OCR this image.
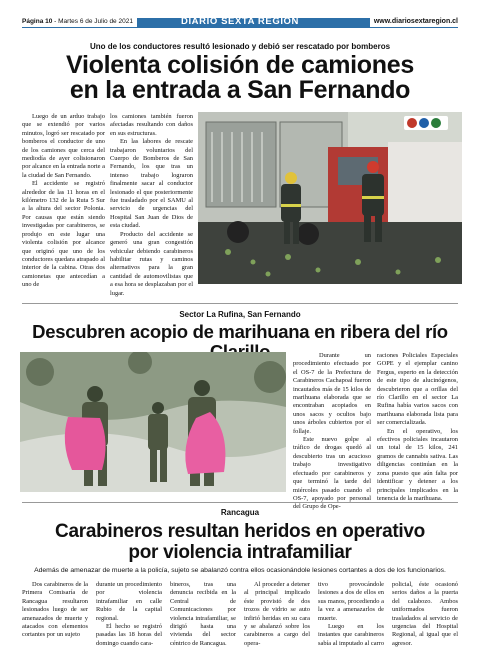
Página 10 - Martes 6 de Julio de 2021	DIARIO SEXTA REGIÓN	www.diariosextaregion.cl
Uno de los conductores resultó lesionado y debió ser rescatado por bomberos
Violenta colisión de camiones
en la entrada a San Fernando

Luego de un arduo trabajo que se extendió por varios minutos, logró ser rescatado por bomberos el conductor de uno de los camiones que cerca del mediodía de ayer colisionaron por alcance en la entrada norte a la ciudad de San Fernando.

El accidente se registró alrededor de las 11 horas en el kilómetro 132 de la Ruta 5 Sur a la altura del sector Polonia. Por causas que están siendo investigadas por carabineros, se produjo en este lugar una violenta colisión por alcance que originó que uno de los conductores quedara atrapado al interior de la cabina. Otras dos camionetas que antecedían a uno de

los camiones también fueron afectadas resultando con daños en sus estructuras.

En las labores de rescate trabajaron voluntarios del Cuerpo de Bomberos de San Fernando, los que tras un intenso trabajo lograron finalmente sacar al conductor lesionado el que posteriormente fue trasladado por el SAMU al servicio de urgencias del Hospital San Juan de Dios de esta ciudad.

Producto del accidente se generó una gran congestión vehicular debiendo carabineros habilitar rutas y caminos alternativos para la gran cantidad de automovilistas que a esa hora se desplazaban por el lugar.

Sector La Rufina, San Fernando
Descubren acopio de marihuana en ribera del río

Durante un procedimiento efectuado por el OS-7 de la Prefectura de Carabineros Cachapoal fueron incautados más de 15 kilos de marihuana elaborada que se encontraban acopiados en unos sacos y ocultos bajo unos árboles cubiertos por el follaje.

Este nuevo golpe al tráfico de drogas quedó al descubierto tras un acucioso trabajo investigativo efectuado por carabineros y que terminó la tarde del miércoles pasado cuando el OS-7, apoyado por personal del Grupo de Ope-

raciones Policiales Especiales GOPE y el ejemplar canino Fergus, esperto en la detección de este tipo de alucinógenos, descubrieron que a orillas del río Clarillo en el sector La Rufina había varios sacos con marihuana elaborada lista para ser comercializada.

En el operativo, los efectivos policiales incautaron un total de 15 kilos, 241 gramos de cannabis sativa. Las diligencias continúan en la zona puesto que aún falta por identificar y detener a los principales implicados en la tenencia de la marihuana.

Rancagua
Carabineros resultan heridos en operativo
por violencia intrafamiliar
Además de amenazar de muerte a la policía, sujeto se abalanzó contra ellos ocasionándole lesiones cortantes a dos de los funcionarios.

Dos carabineros de la Primera Comisaría de Rancagua resultaron lesionados luego de ser amenazados de muerte y atacados con elementos cortantes por un sujeto

durante un procedimiento por violencia intrafamiliar en calle Rubio de la capital regional.

El hecho se registró pasadas las 18 horas del domingo cuando cara-

bineros, tras una denuncia recibida en la Central de Comunicaciones por violencia intrafamiliar, se dirigió hasta una vivienda del sector céntrico de Rancagua.

Al proceder a detener al principal implicado éste provistó de dos trozos de vidrio se auto infirió heridas en su cara y se abalanzó sobre los carabineros a cargo del opera-

tivo provocándole lesiones a dos de ellos en sus manos, procediendo a la vez a amenazarlos de muerte.

Luego en los instantes que carabineros sabía al imputado al carro

policial, éste ocasionó serios daños a la puerta del calabozo. Ambos uniformados fueron trasladados al servicio de urgencias del Hospital Regional, al igual que el agresor.
